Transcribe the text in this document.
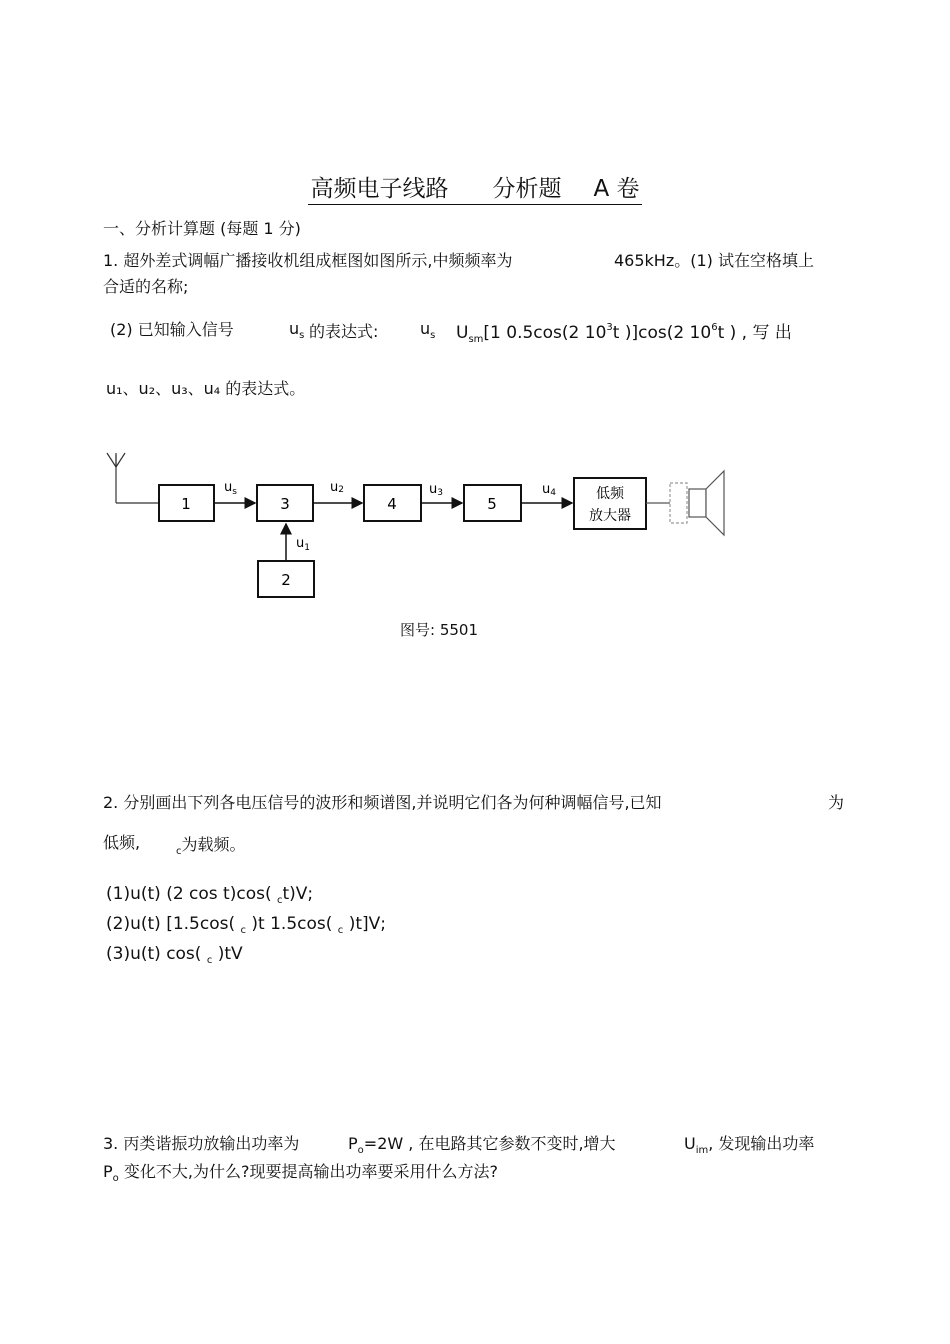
高频电子线路 分析题 A 卷
一、分析计算题 (每题 1 分)
1. 超外差式调幅广播接收机组成框图如图所示,中频频率为	465kHz。(1) 试在空格填上
合适的名称;
(2) 已知输入信号	$u_s$ 的表达式:	$u_s$ $U_{sm}[1$ 0.5cos(2 $10^3t$ )]cos(2 $10^6t$ ) , 写 出
u₁、u₂、u₃、u₄ 的表达式。
1
$u_s$
3
u2
4
u3
5
u4	低频
放大器
2
$u_1$
图号: 5501
2. 分别画出下列各电压信号的波形和频谱图,并说明它们各为何种调幅信号,已知	为
低频,	$_c$为载频。
(1)u(t) (2 cos t)cos( $_c$t)V;
(2)u(t) [1.5cos( $_c$ )t 1.5cos( $_c$ )t]V;
(3)u(t) cos( $_c$ )tV
3. 丙类谐振功放输出功率为	$P_o=2W$ , 在电路其它参数不变时,增大	$U_{im}$, 发现输出功率
$P_o$ 变化不大,为什么?现要提高输出功率要采用什么方法?
